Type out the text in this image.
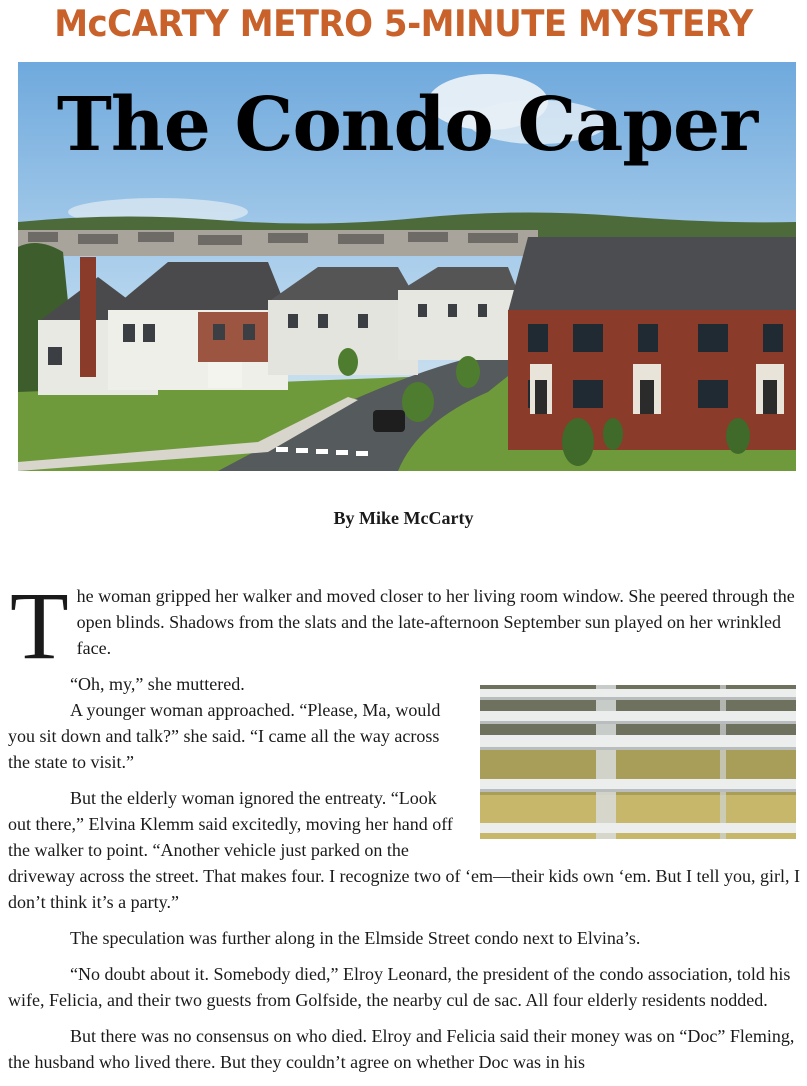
McCARTY METRO 5-MINUTE MYSTERY
The Condo Caper
By Mike McCarty
T he woman gripped her walker and moved closer to her living room window. She peered through the open blinds. Shadows from the slats and the late-afternoon September sun played on her wrinkled face.

“Oh, my,” she muttered.

A younger woman approached. “Please, Ma, would you sit down and talk?” she said. “I came all the way across the state to visit.”

But the elderly woman ignored the entreaty. “Look out there,” Elvina Klemm said excitedly, moving her hand off the walker to point. “Another vehicle just parked on the driveway across the street. That makes four. I recognize two of ‘em—their kids own ‘em. But I tell you, girl, I don’t think it’s a party.”

The speculation was further along in the Elmside Street condo next to Elvina’s.

“No doubt about it. Somebody died,” Elroy Leonard, the president of the condo association, told his wife, Felicia, and their two guests from Golfside, the nearby cul de sac. All four elderly residents nodded.

But there was no consensus on who died. Elroy and Felicia said their money was on “Doc” Fleming, the husband who lived there. But they couldn’t agree on whether Doc was in his
